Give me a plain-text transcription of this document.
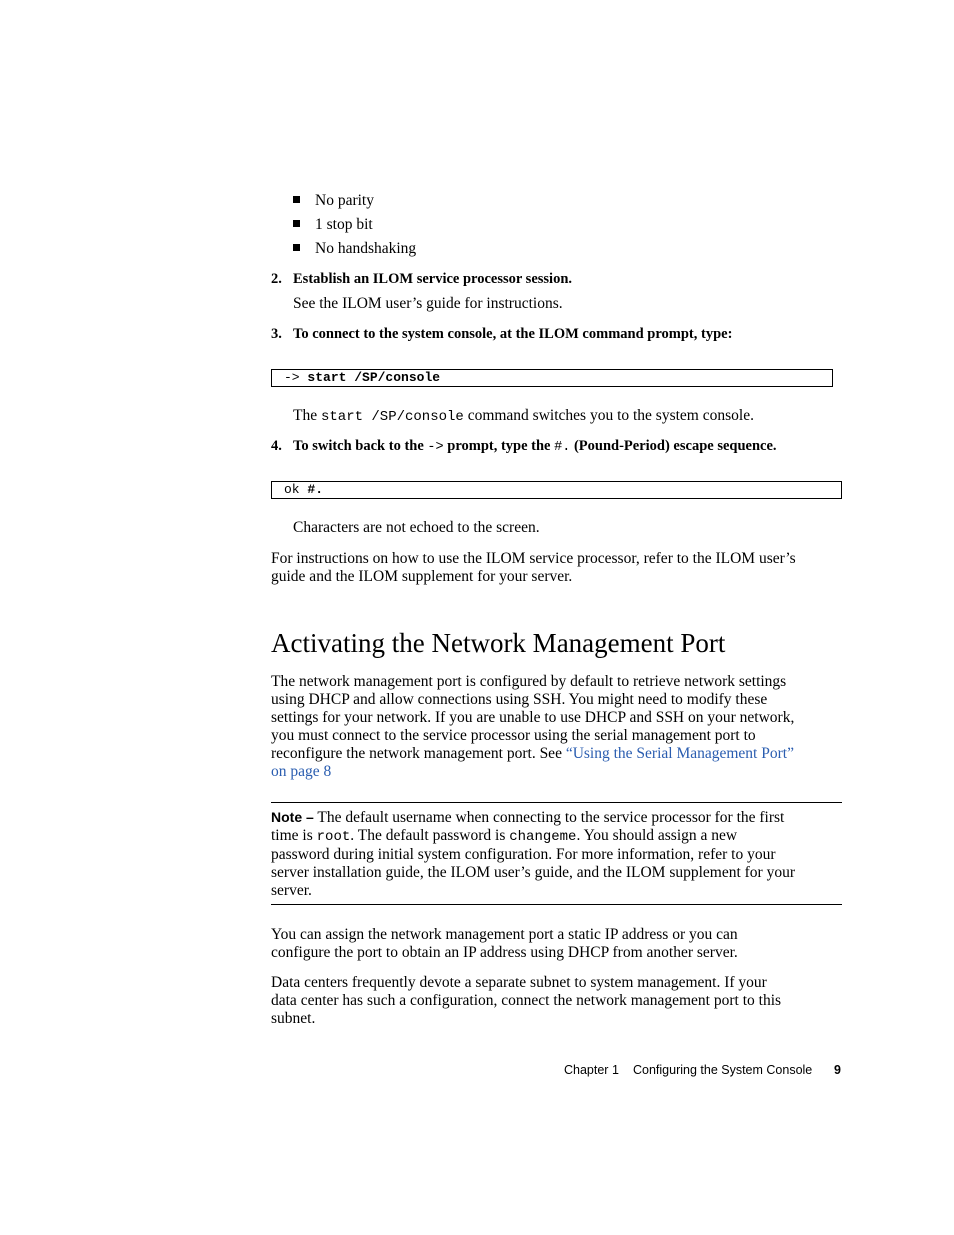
No parity
1 stop bit
No handshaking
2. Establish an ILOM service processor session.
See the ILOM user’s guide for instructions.
3. To connect to the system console, at the ILOM command prompt, type:
-> start /SP/console
The start /SP/console command switches you to the system console.
4. To switch back to the -> prompt, type the #. (Pound-Period) escape sequence.
ok #.
Characters are not echoed to the screen.
For instructions on how to use the ILOM service processor, refer to the ILOM user’s
guide and the ILOM supplement for your server.
Activating the Network Management Port
The network management port is configured by default to retrieve network settings
using DHCP and allow connections using SSH. You might need to modify these
settings for your network. If you are unable to use DHCP and SSH on your network,
you must connect to the service processor using the serial management port to
reconfigure the network management port. See “Using the Serial Management Port”
on page 8
Note – The default username when connecting to the service processor for the first
time is root. The default password is changeme. You should assign a new
password during initial system configuration. For more information, refer to your
server installation guide, the ILOM user’s guide, and the ILOM supplement for your
server.
You can assign the network management port a static IP address or you can
configure the port to obtain an IP address using DHCP from another server.
Data centers frequently devote a separate subnet to system management. If your
data center has such a configuration, connect the network management port to this
subnet.
Chapter 1 Configuring the System Console 9
